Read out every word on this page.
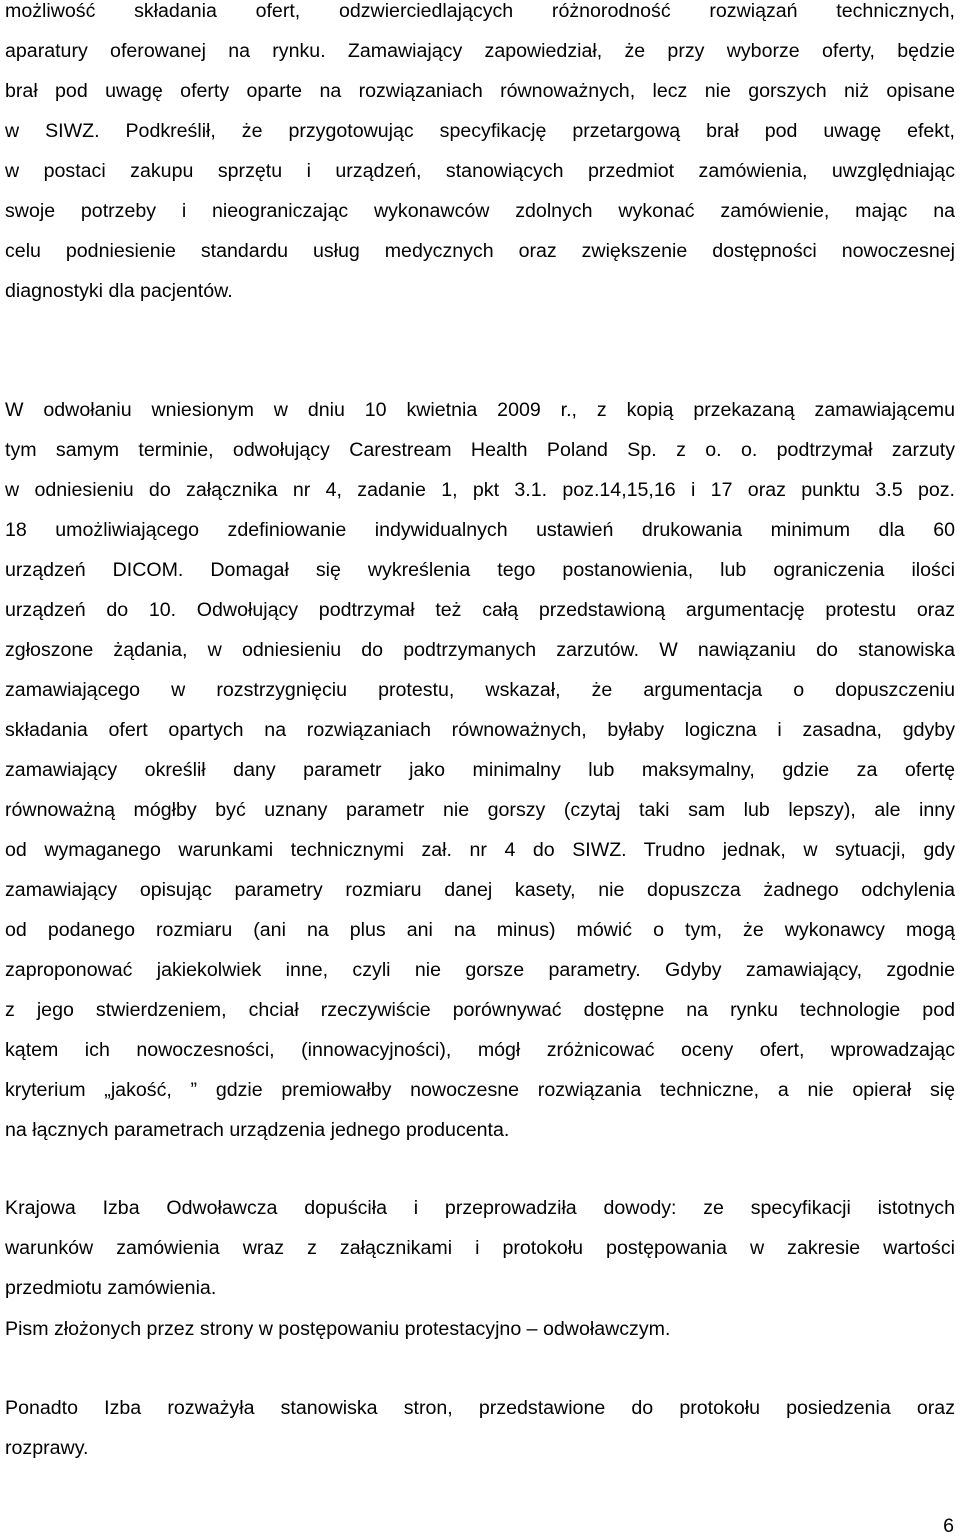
możliwość składania ofert, odzwierciedlających różnorodność rozwiązań technicznych,

aparatury oferowanej na rynku. Zamawiający zapowiedział, że przy wyborze oferty, będzie

brał pod uwagę oferty oparte na rozwiązaniach równoważnych, lecz nie gorszych niż opisane

w SIWZ. Podkreślił, że przygotowując specyfikację przetargową brał pod uwagę efekt,

w postaci zakupu sprzętu i urządzeń, stanowiących przedmiot zamówienia, uwzględniając

swoje potrzeby i nieograniczając wykonawców zdolnych wykonać zamówienie, mając na

celu podniesienie standardu usług medycznych oraz zwiększenie dostępności nowoczesnej

diagnostyki dla pacjentów.

W odwołaniu wniesionym w dniu 10 kwietnia 2009 r., z kopią przekazaną zamawiającemu

tym samym terminie, odwołujący Carestream Health Poland Sp. z o. o. podtrzymał zarzuty

w odniesieniu do załącznika nr 4, zadanie 1, pkt 3.1. poz.14,15,16 i 17 oraz punktu 3.5 poz.

18 umożliwiającego zdefiniowanie indywidualnych ustawień drukowania minimum dla 60

urządzeń DICOM. Domagał się wykreślenia tego postanowienia, lub ograniczenia ilości

urządzeń do 10. Odwołujący podtrzymał też całą przedstawioną argumentację protestu oraz

zgłoszone żądania, w odniesieniu do podtrzymanych zarzutów. W nawiązaniu do stanowiska

zamawiającego w rozstrzygnięciu protestu, wskazał, że argumentacja o dopuszczeniu

składania ofert opartych na rozwiązaniach równoważnych, byłaby logiczna i zasadna, gdyby

zamawiający określił dany parametr jako minimalny lub maksymalny, gdzie za ofertę

równoważną mógłby być uznany parametr nie gorszy (czytaj taki sam lub lepszy), ale inny

od wymaganego warunkami technicznymi zał. nr 4 do SIWZ. Trudno jednak, w sytuacji, gdy

zamawiający opisując parametry rozmiaru danej kasety, nie dopuszcza żadnego odchylenia

od podanego rozmiaru (ani na plus ani na minus) mówić o tym, że wykonawcy mogą

zaproponować jakiekolwiek inne, czyli nie gorsze parametry. Gdyby zamawiający, zgodnie

z jego stwierdzeniem, chciał rzeczywiście porównywać dostępne na rynku technologie pod

kątem ich nowoczesności, (innowacyjności), mógł zróżnicować oceny ofert, wprowadzając

kryterium „jakość, ” gdzie premiowałby nowoczesne rozwiązania techniczne, a nie opierał się

na łącznych parametrach urządzenia jednego producenta.

Krajowa Izba Odwoławcza dopuściła i przeprowadziła dowody: ze specyfikacji istotnych

warunków zamówienia wraz z załącznikami i protokołu postępowania w zakresie wartości

przedmiotu zamówienia.

Pism złożonych przez strony w postępowaniu protestacyjno – odwoławczym.

Ponadto Izba rozważyła stanowiska stron, przedstawione do protokołu posiedzenia oraz

rozprawy.

6
